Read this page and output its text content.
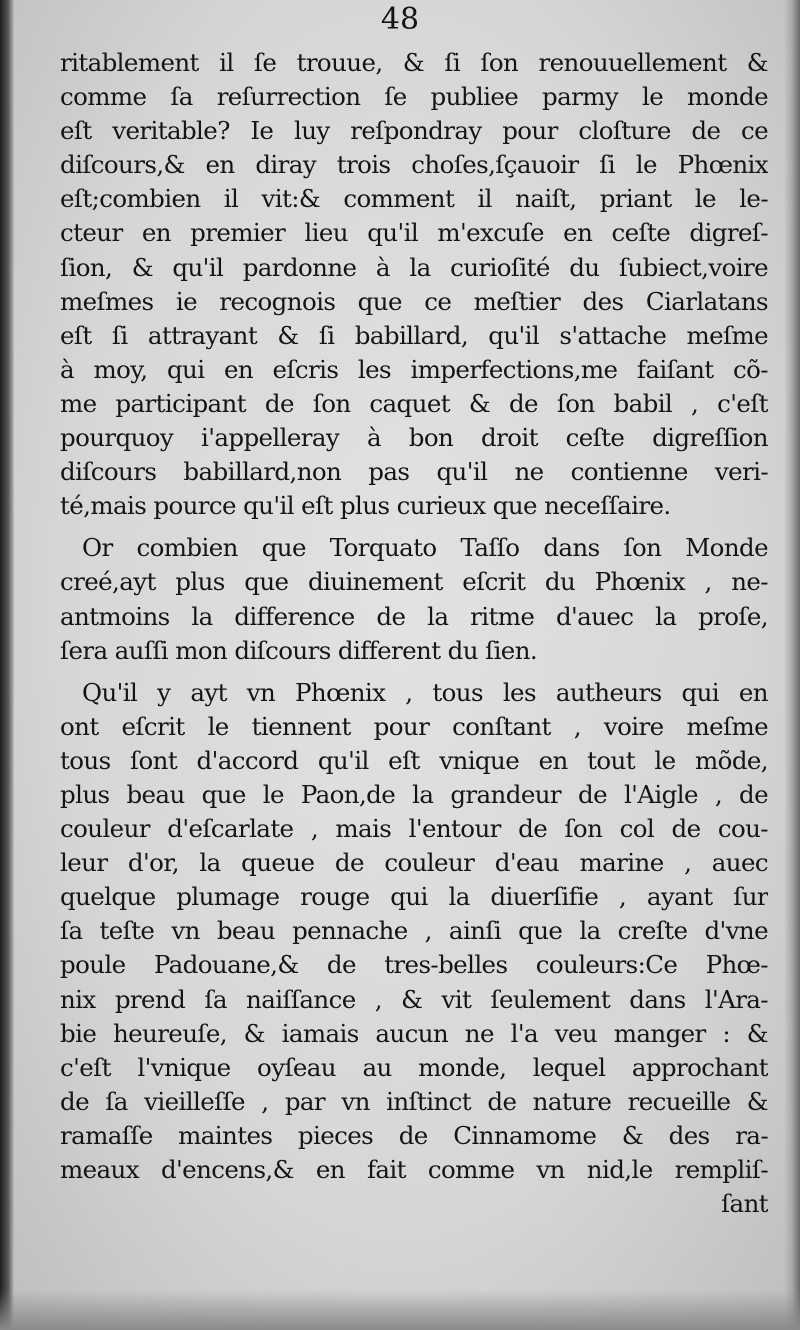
48

ritablement il ſe trouue, & ſi ſon renouuellement &
comme ſa reſurrection ſe publiee parmy le monde
eſt veritable? Ie luy reſpondray pour cloſture de ce
diſcours,& en diray trois choſes,ſçauoir ſi le Phœnix
eſt;combien il vit:& comment il naiſt, priant le le-
cteur en premier lieu qu'il m'excuſe en ceſte digreſ-
ſion, & qu'il pardonne à la curioſité du ſubiect,voire
meſmes ie recognois que ce meſtier des Ciarlatans
eſt ſi attrayant & ſi babillard, qu'il s'attache meſme
à moy, qui en eſcris les imperfections,me faiſant cõ-
me participant de ſon caquet & de ſon babil , c'eſt
pourquoy i'appelleray à bon droit ceſte digreſſion
diſcours babillard,non pas qu'il ne contienne veri-
té,mais pource qu'il eſt plus curieux que neceſſaire.

Or combien que Torquato Taſſo dans ſon Monde
creé,ayt plus que diuinement eſcrit du Phœnix , ne-
antmoins la difference de la ritme d'auec la proſe,
ſera auſſi mon diſcours different du ſien.

Qu'il y ayt vn Phœnix , tous les autheurs qui en
ont eſcrit le tiennent pour conſtant , voire meſme
tous ſont d'accord qu'il eſt vnique en tout le mõde,
plus beau que le Paon,de la grandeur de l'Aigle , de
couleur d'eſcarlate , mais l'entour de ſon col de cou-
leur d'or, la queue de couleur d'eau marine , auec
quelque plumage rouge qui la diuerſifie , ayant ſur
ſa teſte vn beau pennache , ainſi que la creſte d'vne
poule Padouane,& de tres-belles couleurs:Ce Phœ-
nix prend ſa naiſſance , & vit ſeulement dans l'Ara-
bie heureuſe, & iamais aucun ne l'a veu manger : &
c'eſt l'vnique oyſeau au monde, lequel approchant
de ſa vieilleſſe , par vn inſtinct de nature recueille &
ramaſſe maintes pieces de Cinnamome & des ra-
meaux d'encens,& en fait comme vn nid,le rempliſ-

ſant
